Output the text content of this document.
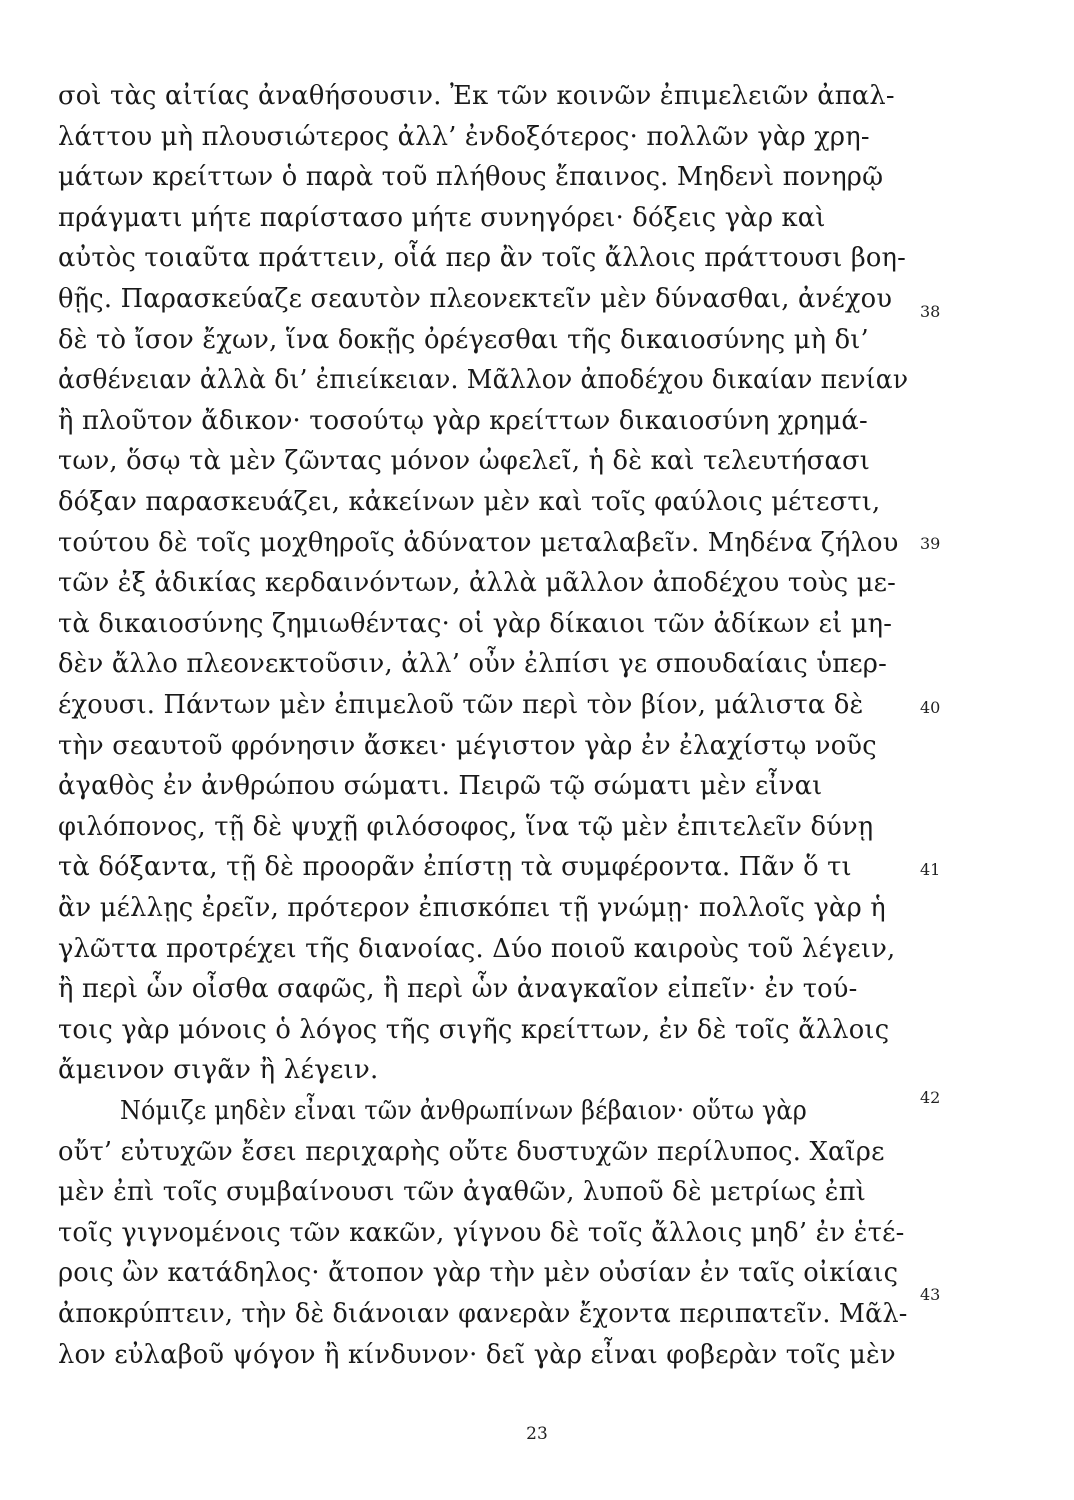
σοὶ τὰς αἰτίας ἀναθήσουσιν. Ἐκ τῶν κοινῶν ἐπιμελειῶν ἀπαλ-
λάττου μὴ πλουσιώτερος ἀλλ’ ἐνδοξότερος· πολλῶν γὰρ χρη-
μάτων κρείττων ὁ παρὰ τοῦ πλήθους ἔπαινος. Μηδενὶ πονηρῷ
πράγματι μήτε παρίστασο μήτε συνηγόρει· δόξεις γὰρ καὶ
αὐτὸς τοιαῦτα πράττειν, οἷά περ ἂν τοῖς ἄλλοις πράττουσι βοη-
θῇς. Παρασκεύαζε σεαυτὸν πλεονεκτεῖν μὲν δύνασθαι, ἀνέχου
δὲ τὸ ἴσον ἔχων, ἵνα δοκῇς ὀρέγεσθαι τῆς δικαιοσύνης μὴ δι’
ἀσθένειαν ἀλλὰ δι’ ἐπιείκειαν. Μᾶλλον ἀποδέχου δικαίαν πενίαν
ἢ πλοῦτον ἄδικον· τοσούτῳ γὰρ κρείττων δικαιοσύνη χρημά-
των, ὅσῳ τὰ μὲν ζῶντας μόνον ὠφελεῖ, ἡ δὲ καὶ τελευτήσασι
δόξαν παρασκευάζει, κἀκείνων μὲν καὶ τοῖς φαύλοις μέτεστι,
τούτου δὲ τοῖς μοχθηροῖς ἀδύνατον μεταλαβεῖν. Μηδένα ζήλου
τῶν ἐξ ἀδικίας κερδαινόντων, ἀλλὰ μᾶλλον ἀποδέχου τοὺς με-
τὰ δικαιοσύνης ζημιωθέντας· οἱ γὰρ δίκαιοι τῶν ἀδίκων εἰ μη-
δὲν ἄλλο πλεονεκτοῦσιν, ἀλλ’ οὖν ἐλπίσι γε σπουδαίαις ὑπερ-
έχουσι. Πάντων μὲν ἐπιμελοῦ τῶν περὶ τὸν βίον, μάλιστα δὲ
τὴν σεαυτοῦ φρόνησιν ἄσκει· μέγιστον γὰρ ἐν ἐλαχίστῳ νοῦς
ἀγαθὸς ἐν ἀνθρώπου σώματι. Πειρῶ τῷ σώματι μὲν εἶναι
φιλόπονος, τῇ δὲ ψυχῇ φιλόσοφος, ἵνα τῷ μὲν ἐπιτελεῖν δύνῃ
τὰ δόξαντα, τῇ δὲ προορᾶν ἐπίστῃ τὰ συμφέροντα. Πᾶν ὅ τι
ἂν μέλλῃς ἐρεῖν, πρότερον ἐπισκόπει τῇ γνώμῃ· πολλοῖς γὰρ ἡ
γλῶττα προτρέχει τῆς διανοίας. Δύο ποιοῦ καιροὺς τοῦ λέγειν,
ἢ περὶ ὧν οἶσθα σαφῶς, ἢ περὶ ὧν ἀναγκαῖον εἰπεῖν· ἐν τού-
τοις γὰρ μόνοις ὁ λόγος τῆς σιγῆς κρείττων, ἐν δὲ τοῖς ἄλλοις
ἄμεινον σιγᾶν ἢ λέγειν.
Νόμιζε μηδὲν εἶναι τῶν ἀνθρωπίνων βέβαιον· οὕτω γὰρ
οὔτ’ εὐτυχῶν ἔσει περιχαρὴς οὔτε δυστυχῶν περίλυπος. Χαῖρε
μὲν ἐπὶ τοῖς συμβαίνουσι τῶν ἀγαθῶν, λυποῦ δὲ μετρίως ἐπὶ
τοῖς γιγνομένοις τῶν κακῶν, γίγνου δὲ τοῖς ἄλλοις μηδ’ ἐν ἑτέ-
ροις ὢν κατάδηλος· ἄτοπον γὰρ τὴν μὲν οὐσίαν ἐν ταῖς οἰκίαις
ἀποκρύπτειν, τὴν δὲ διάνοιαν φανερὰν ἔχοντα περιπατεῖν. Μᾶλ-
λον εὐλαβοῦ ψόγον ἢ κίνδυνον· δεῖ γὰρ εἶναι φοβερὰν τοῖς μὲν
38
39
40
41
42
43
23
